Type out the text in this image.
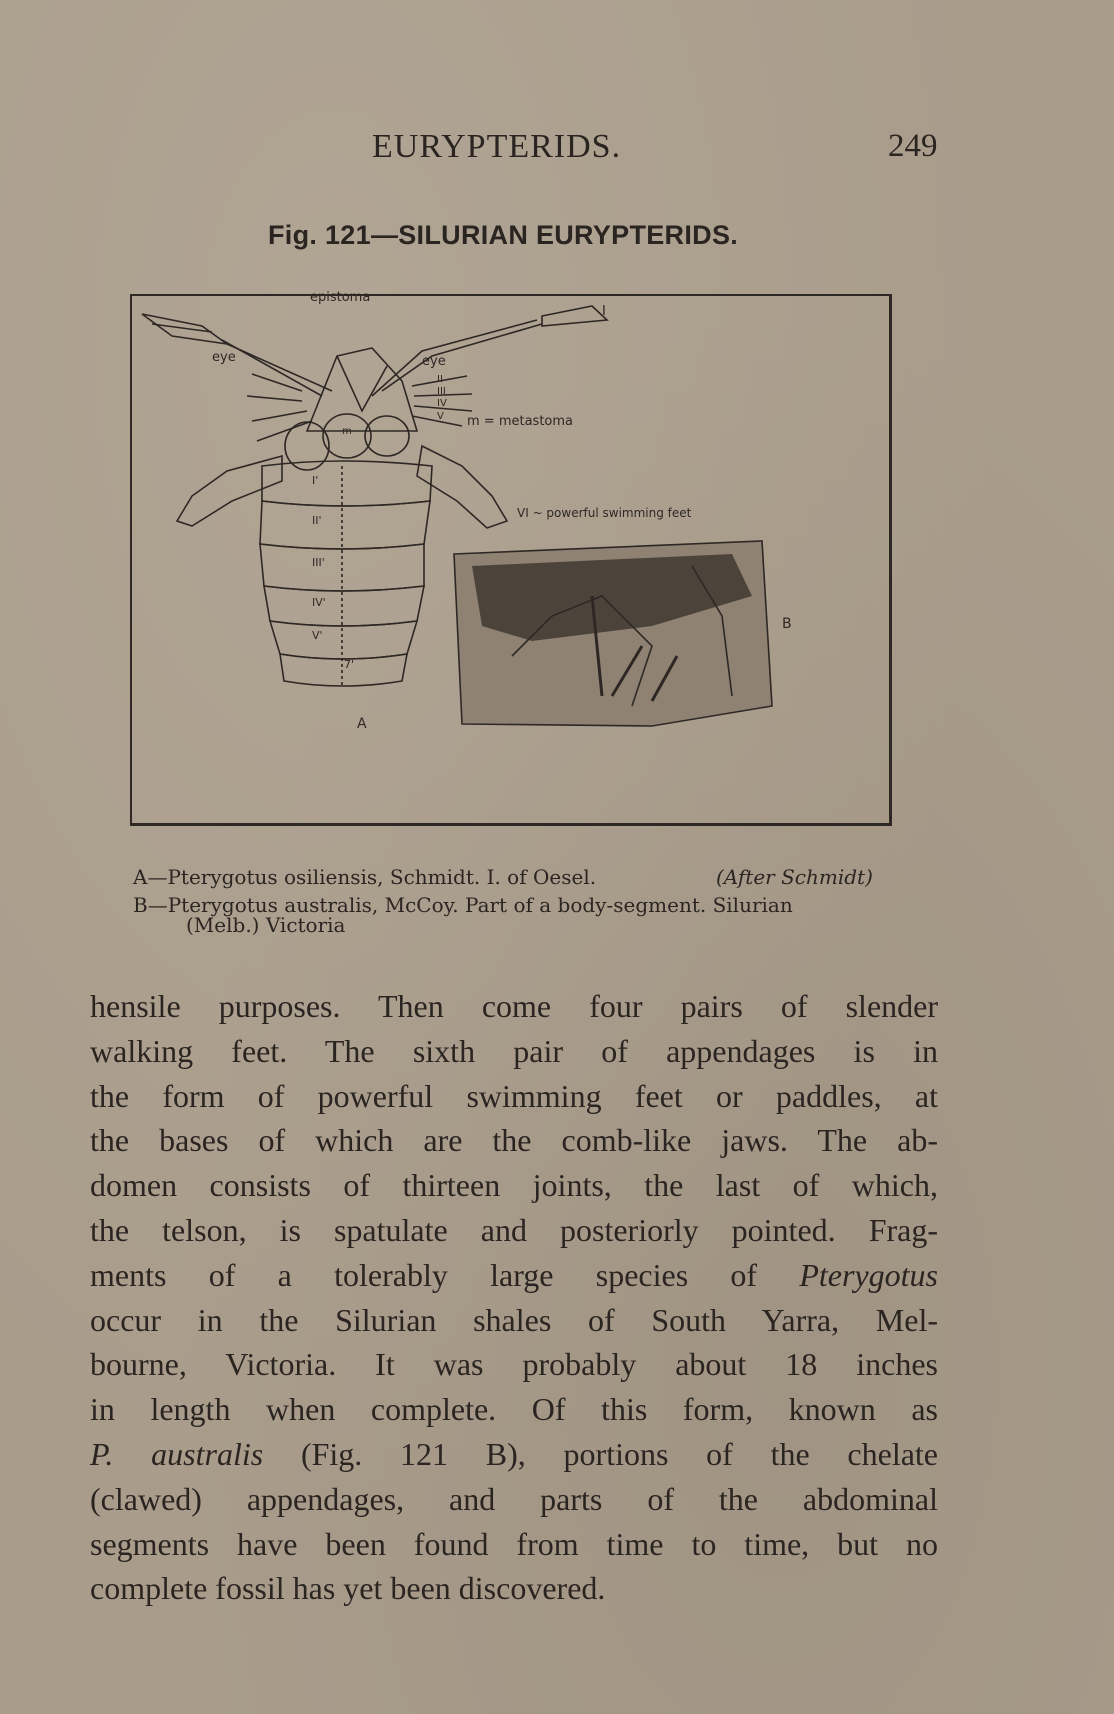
EURYPTERIDS.	249
Fig. 121—SILURIAN EURYPTERIDS.
epistoma
eye	eye
I
II
III
IV
V m = metastoma
m
VI ~ powerful swimming feet
I'
II'
III'
IV'
V'
7'
A
B
A—Pterygotus osiliensis, Schmidt. I. of Oesel.	(After Schmidt)
B—Pterygotus australis, McCoy. Part of a body-segment. Silurian
(Melb.) Victoria
hensile purposes. Then come four pairs of slender
walking feet. The sixth pair of appendages is in
the form of powerful swimming feet or paddles, at
the bases of which are the comb-like jaws. The ab-
domen consists of thirteen joints, the last of which,
the telson, is spatulate and posteriorly pointed. Frag-
ments of a tolerably large species of Pterygotus
occur in the Silurian shales of South Yarra, Mel-
bourne, Victoria. It was probably about 18 inches
in length when complete. Of this form, known as
P. australis (Fig. 121 B), portions of the chelate
(clawed) appendages, and parts of the abdominal
segments have been found from time to time, but no
complete fossil has yet been discovered.
